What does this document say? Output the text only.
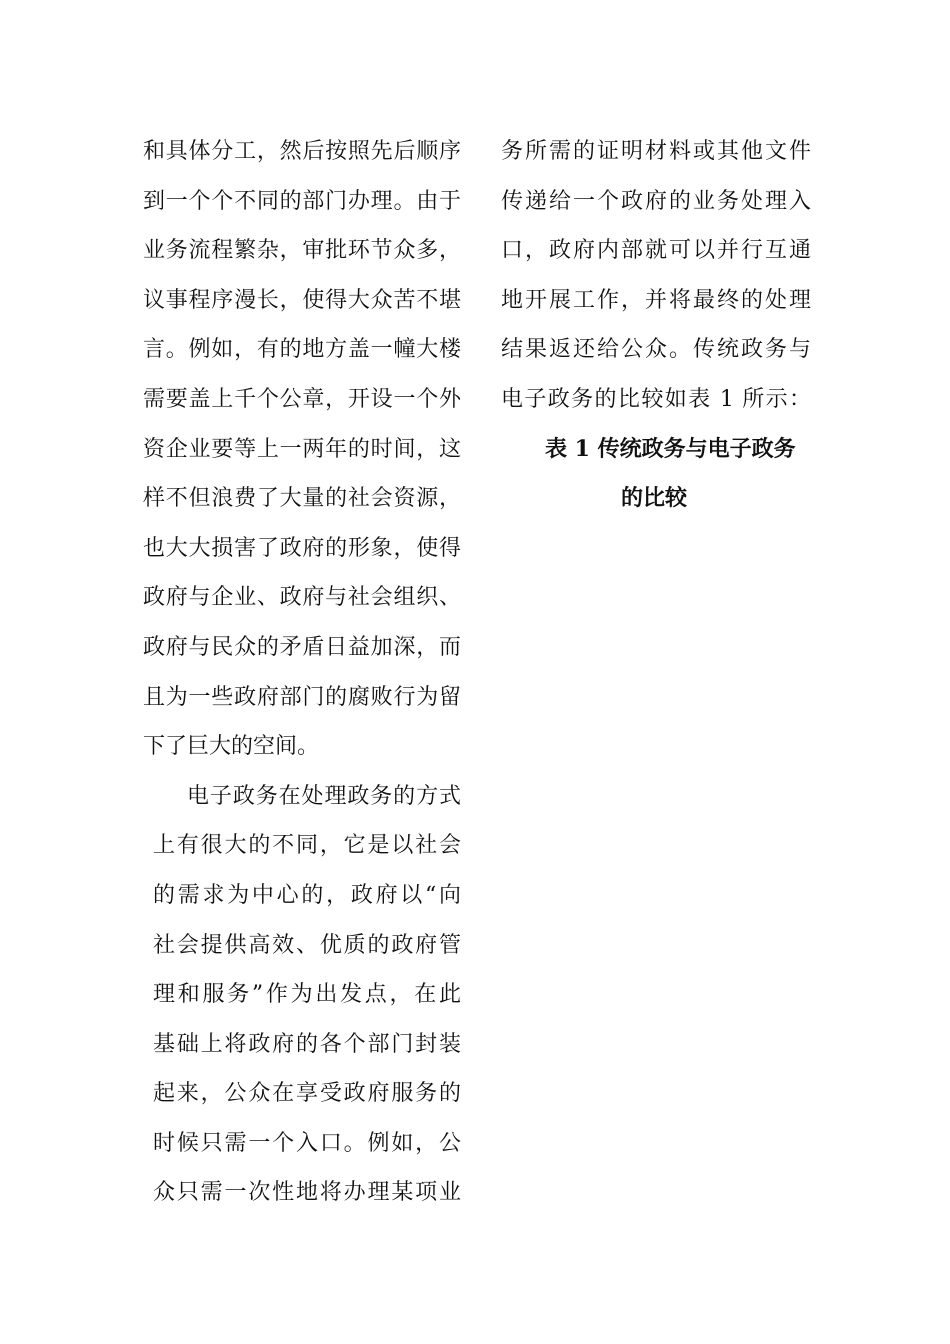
和具体分工，然后按照先后顺序
到一个个不同的部门办理。由于
业务流程繁杂，审批环节众多，
议事程序漫长，使得大众苦不堪
言。例如，有的地方盖一幢大楼
需要盖上千个公章，开设一个外
资企业要等上一两年的时间，这
样不但浪费了大量的社会资源，
也大大损害了政府的形象，使得
政府与企业、政府与社会组织、
政府与民众的矛盾日益加深，而
且为一些政府部门的腐败行为留
下了巨大的空间。
电子政务在处理政务的方式
上有很大的不同，它是以社会
的需求为中心的，政府以“向
社会提供高效、优质的政府管
理和服务”作为出发点，在此
基础上将政府的各个部门封装
起来，公众在享受政府服务的
时候只需一个入口。例如，公
众只需一次性地将办理某项业
务所需的证明材料或其他文件
传递给一个政府的业务处理入
口，政府内部就可以并行互通
地开展工作，并将最终的处理
结果返还给公众。传统政务与
电子政务的比较如表 1 所示：
表 1 传统政务与电子政务
的比较
